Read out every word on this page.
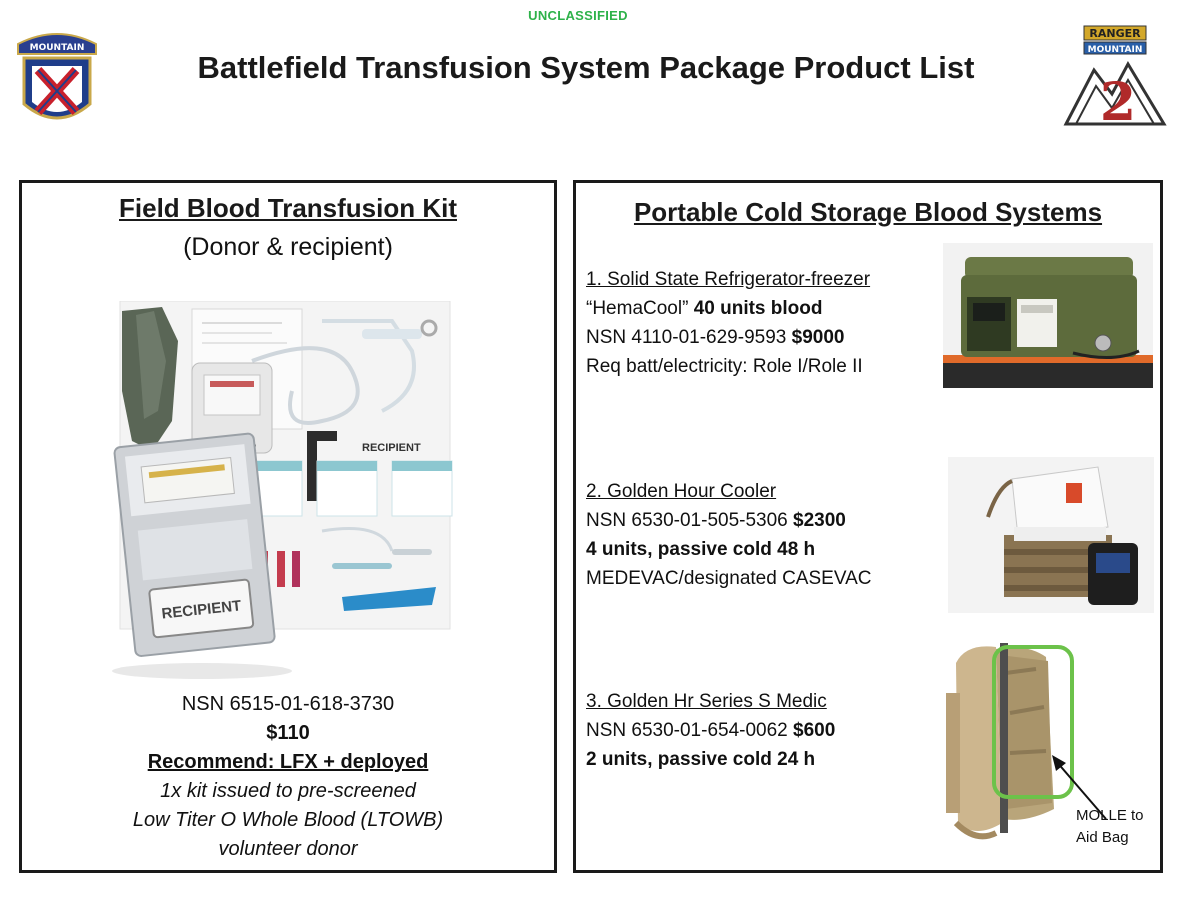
UNCLASSIFIED
MOUNTAIN
Battlefield Transfusion System Package Product List
RANGER
MOUNTAIN
2
Field Blood Transfusion Kit
(Donor & recipient)
RECIPIENT
RECIPIENT
NSN 6515-01-618-3730
$110
Recommend: LFX + deployed
1x kit issued to pre-screened
Low Titer O Whole Blood (LTOWB)
volunteer donor
Portable Cold Storage Blood Systems
1. Solid State Refrigerator-freezer
“HemaCool” 40 units blood
NSN 4110-01-629-9593 $9000
Req batt/electricity: Role I/Role II
2. Golden Hour Cooler
NSN 6530-01-505-5306 $2300
4 units, passive cold 48 h
MEDEVAC/designated CASEVAC
3. Golden Hr Series S Medic
NSN 6530-01-654-0062 $600
2 units, passive cold 24 h
MOLLE to
Aid Bag
